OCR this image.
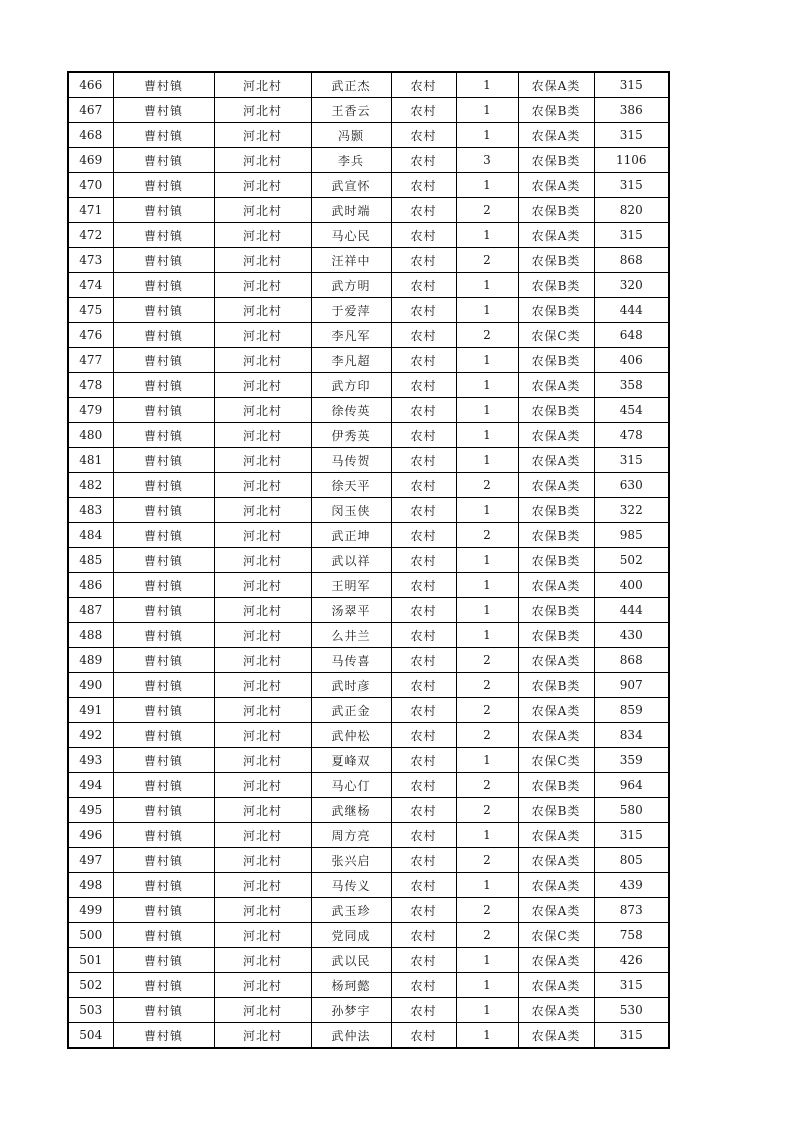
466	曹村镇	河北村	武正杰	农村	1	农保A类	315
467	曹村镇	河北村	王香云	农村	1	农保B类	386
468	曹村镇	河北村	冯颢	农村	1	农保A类	315
469	曹村镇	河北村	李兵	农村	3	农保B类	1106
470	曹村镇	河北村	武宣怀	农村	1	农保A类	315
471	曹村镇	河北村	武时端	农村	2	农保B类	820
472	曹村镇	河北村	马心民	农村	1	农保A类	315
473	曹村镇	河北村	汪祥中	农村	2	农保B类	868
474	曹村镇	河北村	武方明	农村	1	农保B类	320
475	曹村镇	河北村	于爱萍	农村	1	农保B类	444
476	曹村镇	河北村	李凡军	农村	2	农保C类	648
477	曹村镇	河北村	李凡超	农村	1	农保B类	406
478	曹村镇	河北村	武方印	农村	1	农保A类	358
479	曹村镇	河北村	徐传英	农村	1	农保B类	454
480	曹村镇	河北村	伊秀英	农村	1	农保A类	478
481	曹村镇	河北村	马传贺	农村	1	农保A类	315
482	曹村镇	河北村	徐天平	农村	2	农保A类	630
483	曹村镇	河北村	闵玉侠	农村	1	农保B类	322
484	曹村镇	河北村	武正坤	农村	2	农保B类	985
485	曹村镇	河北村	武以祥	农村	1	农保B类	502
486	曹村镇	河北村	王明军	农村	1	农保A类	400
487	曹村镇	河北村	汤翠平	农村	1	农保B类	444
488	曹村镇	河北村	么井兰	农村	1	农保B类	430
489	曹村镇	河北村	马传喜	农村	2	农保A类	868
490	曹村镇	河北村	武时彦	农村	2	农保B类	907
491	曹村镇	河北村	武正金	农村	2	农保A类	859
492	曹村镇	河北村	武仲松	农村	2	农保A类	834
493	曹村镇	河北村	夏峰双	农村	1	农保C类	359
494	曹村镇	河北村	马心仃	农村	2	农保B类	964
495	曹村镇	河北村	武继杨	农村	2	农保B类	580
496	曹村镇	河北村	周方亮	农村	1	农保A类	315
497	曹村镇	河北村	张兴启	农村	2	农保A类	805
498	曹村镇	河北村	马传义	农村	1	农保A类	439
499	曹村镇	河北村	武玉珍	农村	2	农保A类	873
500	曹村镇	河北村	党同成	农村	2	农保C类	758
501	曹村镇	河北村	武以民	农村	1	农保A类	426
502	曹村镇	河北村	杨珂懿	农村	1	农保A类	315
503	曹村镇	河北村	孙梦宇	农村	1	农保A类	530
504	曹村镇	河北村	武仲法	农村	1	农保A类	315
